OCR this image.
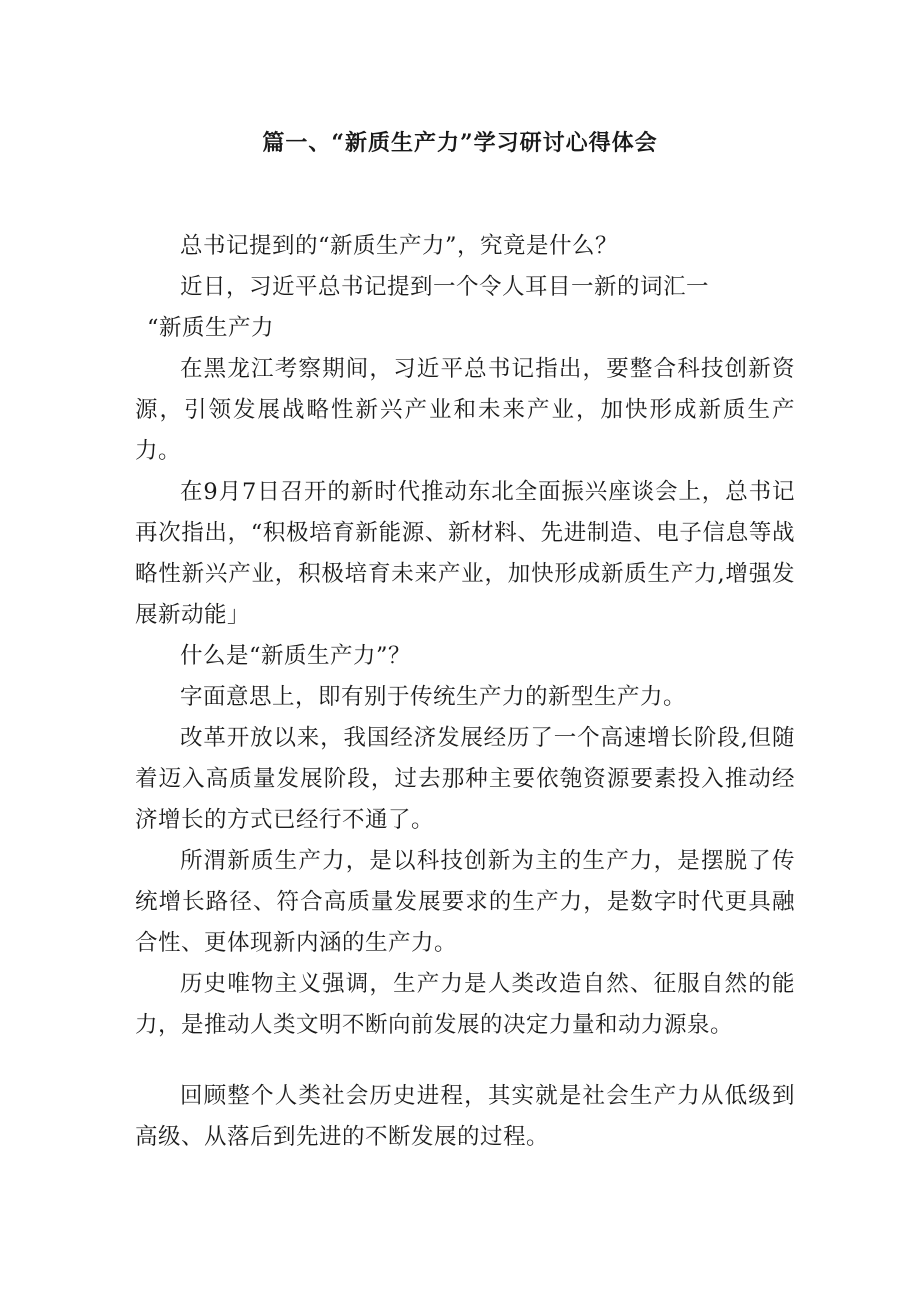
篇一、“新质生产力”学习研讨心得体会

总书记提到的“新质生产力”，究竟是什么？

近日，习近平总书记提到一个令人耳目一新的词汇一

“新质生产力

在黑龙江考察期间，习近平总书记指出，要整合科技创新资源，引领发展战略性新兴产业和未来产业，加快形成新质生产力。

在9月7日召开的新时代推动东北全面振兴座谈会上，总书记再次指出，“积极培育新能源、新材料、先进制造、电子信息等战略性新兴产业，积极培育未来产业，加快形成新质生产力,增强发展新动能」

什么是“新质生产力”？

字面意思上，即有别于传统生产力的新型生产力。

改革开放以来，我国经济发展经历了一个高速增长阶段,但随着迈入高质量发展阶段，过去那种主要依匏资源要素投入推动经济增长的方式已经行不通了。

所渭新质生产力，是以科技创新为主的生产力，是摆脱了传统增长路径、符合高质量发展要求的生产力，是数字时代更具融合性、更体现新内涵的生产力。

历史唯物主义强调，生产力是人类改造自然、征服自然的能力，是推动人类文明不断向前发展的决定力量和动力源泉。

回顾整个人类社会历史进程，其实就是社会生产力从低级到高级、从落后到先进的不断发展的过程。
